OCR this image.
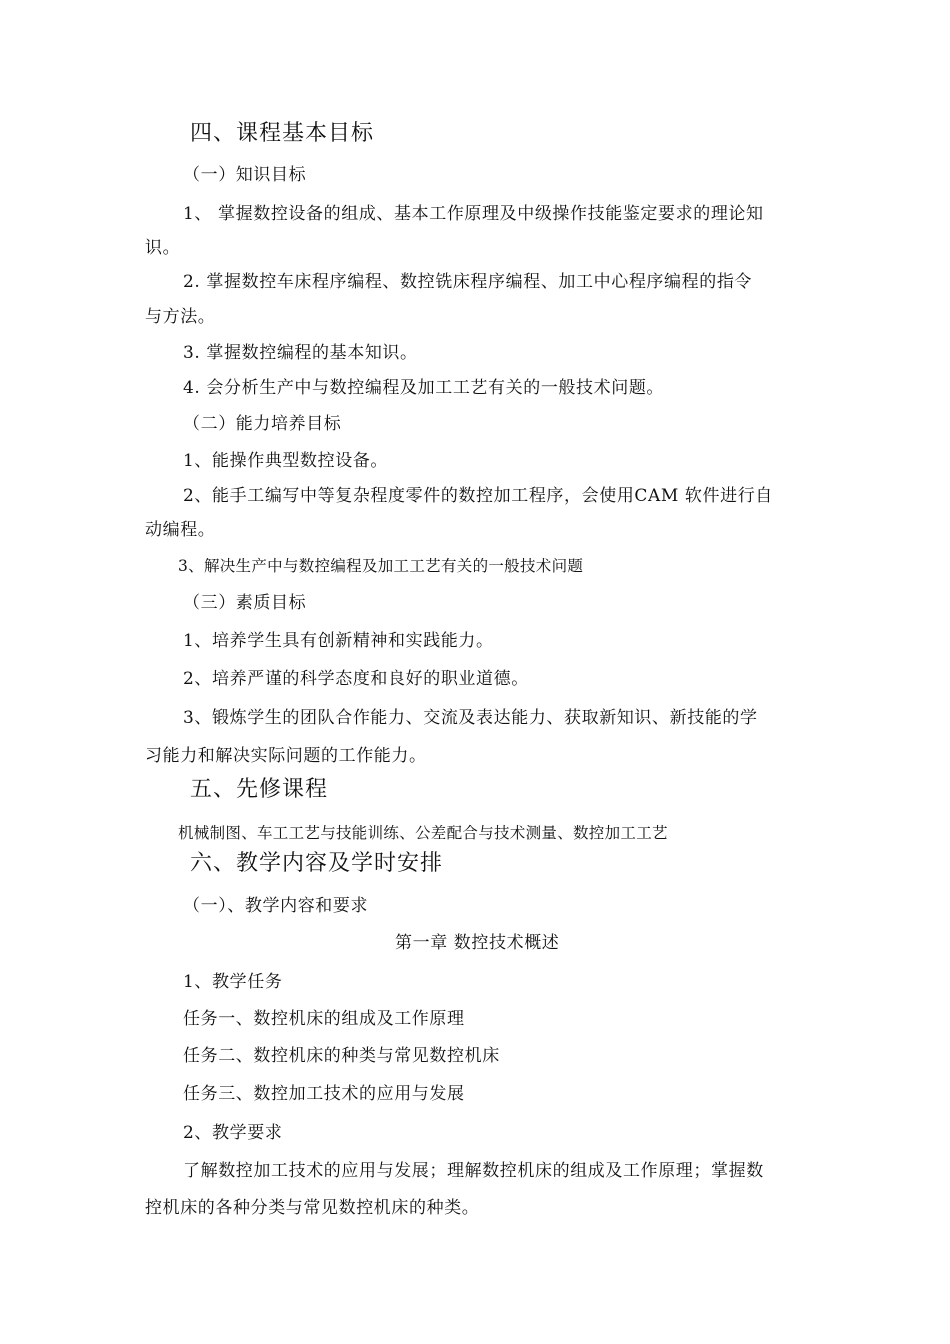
四、课程基本目标
（一）知识目标
1、 掌握数控设备的组成、基本工作原理及中级操作技能鉴定要求的理论知
识。
2. 掌握数控车床程序编程、数控铣床程序编程、加工中心程序编程的指令
与方法。
3. 掌握数控编程的基本知识。
4. 会分析生产中与数控编程及加工工艺有关的一般技术问题。
（二）能力培养目标
1、能操作典型数控设备。
2、能手工编写中等复杂程度零件的数控加工程序，会使用CAM 软件进行自
动编程。
3、解决生产中与数控编程及加工工艺有关的一般技术问题
（三）素质目标
1、培养学生具有创新精神和实践能力。
2、培养严谨的科学态度和良好的职业道德。
3、锻炼学生的团队合作能力、交流及表达能力、获取新知识、新技能的学
习能力和解决实际问题的工作能力。
五、先修课程
机械制图、车工工艺与技能训练、公差配合与技术测量、数控加工工艺
六、教学内容及学时安排
（一）、教学内容和要求
第一章 数控技术概述
1、教学任务
任务一、数控机床的组成及工作原理
任务二、数控机床的种类与常见数控机床
任务三、数控加工技术的应用与发展
2、教学要求
了解数控加工技术的应用与发展；理解数控机床的组成及工作原理；掌握数
控机床的各种分类与常见数控机床的种类。
